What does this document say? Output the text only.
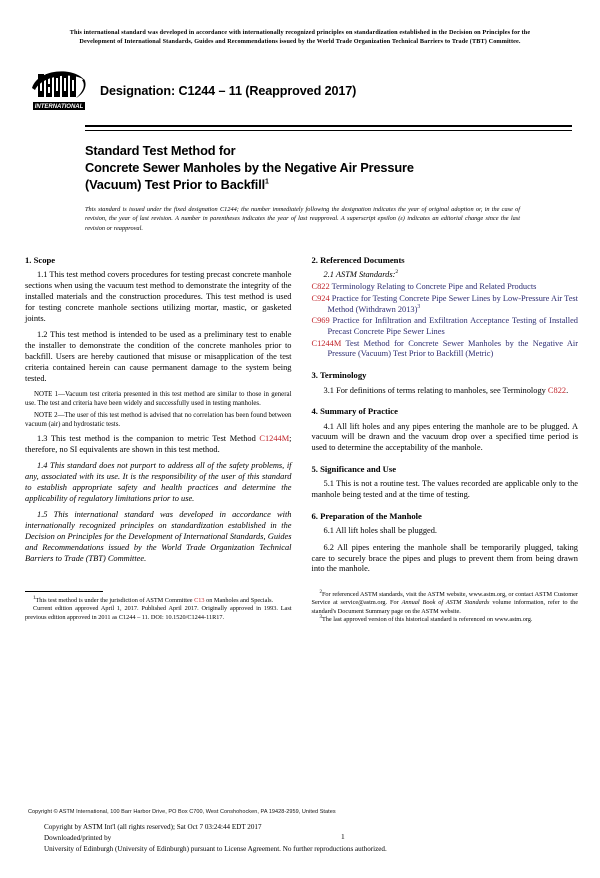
This international standard was developed in accordance with internationally recognized principles on standardization established in the Decision on Principles for the
Development of International Standards, Guides and Recommendations issued by the World Trade Organization Technical Barriers to Trade (TBT) Committee.
INTERNATIONAL
Designation: C1244 – 11 (Reapproved 2017)
Standard Test Method for
Concrete Sewer Manholes by the Negative Air Pressure
(Vacuum) Test Prior to Backfill$^1$
This standard is issued under the fixed designation C1244; the number immediately following the designation indicates the year of original adoption or, in the case of revision, the year of last revision. A number in parentheses indicates the year of last reapproval. A superscript epsilon (ε) indicates an editorial change since the last revision or reapproval.
1. Scope

1.1 This test method covers procedures for testing precast concrete manhole sections when using the vacuum test method to demonstrate the integrity of the installed materials and the construction procedures. This test method is used for testing concrete manhole sections utilizing mortar, mastic, or gasketed joints.

1.2 This test method is intended to be used as a preliminary test to enable the installer to demonstrate the condition of the concrete manholes prior to backfill. Users are hereby cautioned that misuse or misapplication of the test criteria contained herein can cause permanent damage to the system being tested.

NOTE 1—Vacuum test criteria presented in this test method are similar to those in general use. The test and criteria have been widely and successfully used in testing manholes.

NOTE 2—The user of this test method is advised that no correlation has been found between vacuum (air) and hydrostatic tests.

1.3 This test method is the companion to metric Test Method C1244M; therefore, no SI equivalents are shown in this test method.

1.4 This standard does not purport to address all of the safety problems, if any, associated with its use. It is the responsibility of the user of this standard to establish appropriate safety and health practices and determine the applicability of regulatory limitations prior to use.

1.5 This international standard was developed in accordance with internationally recognized principles on standardization established in the Decision on Principles for the Development of International Standards, Guides and Recommendations issued by the World Trade Organization Technical Barriers to Trade (TBT) Committee.

2. Referenced Documents
2.1 ASTM Standards:$^2$
C822 Terminology Relating to Concrete Pipe and Related Products
C924 Practice for Testing Concrete Pipe Sewer Lines by Low-Pressure Air Test Method (Withdrawn 2013)$^3$
C969 Practice for Infiltration and Exfiltration Acceptance Testing of Installed Precast Concrete Pipe Sewer Lines
C1244M Test Method for Concrete Sewer Manholes by the Negative Air Pressure (Vacuum) Test Prior to Backfill (Metric)
3. Terminology

3.1 For definitions of terms relating to manholes, see Terminology C822.

4. Summary of Practice

4.1 All lift holes and any pipes entering the manhole are to be plugged. A vacuum will be drawn and the vacuum drop over a specified time period is used to determine the acceptability of the manhole.

5. Significance and Use

5.1 This is not a routine test. The values recorded are applicable only to the manhole being tested and at the time of testing.

6. Preparation of the Manhole

6.1 All lift holes shall be plugged.

6.2 All pipes entering the manhole shall be temporarily plugged, taking care to securely brace the pipes and plugs to prevent them from being drawn into the manhole.

$^1$This test method is under the jurisdiction of ASTM Committee C13 on Manholes and Specials.

Current edition approved April 1, 2017. Published April 2017. Originally approved in 1993. Last previous edition approved in 2011 as C1244 – 11. DOI: 10.1520/C1244-11R17.

$^2$For referenced ASTM standards, visit the ASTM website, www.astm.org, or contact ASTM Customer Service at service@astm.org. For Annual Book of ASTM Standards volume information, refer to the standard's Document Summary page on the ASTM website.

$^3$The last approved version of this historical standard is referenced on www.astm.org.

Copyright © ASTM International, 100 Barr Harbor Drive, PO Box C700, West Conshohocken, PA 19428-2959, United States
Copyright by ASTM Int'l (all rights reserved); Sat Oct 7 03:24:44 EDT 2017
Downloaded/printed by
University of Edinburgh (University of Edinburgh) pursuant to License Agreement. No further reproductions authorized.
1
